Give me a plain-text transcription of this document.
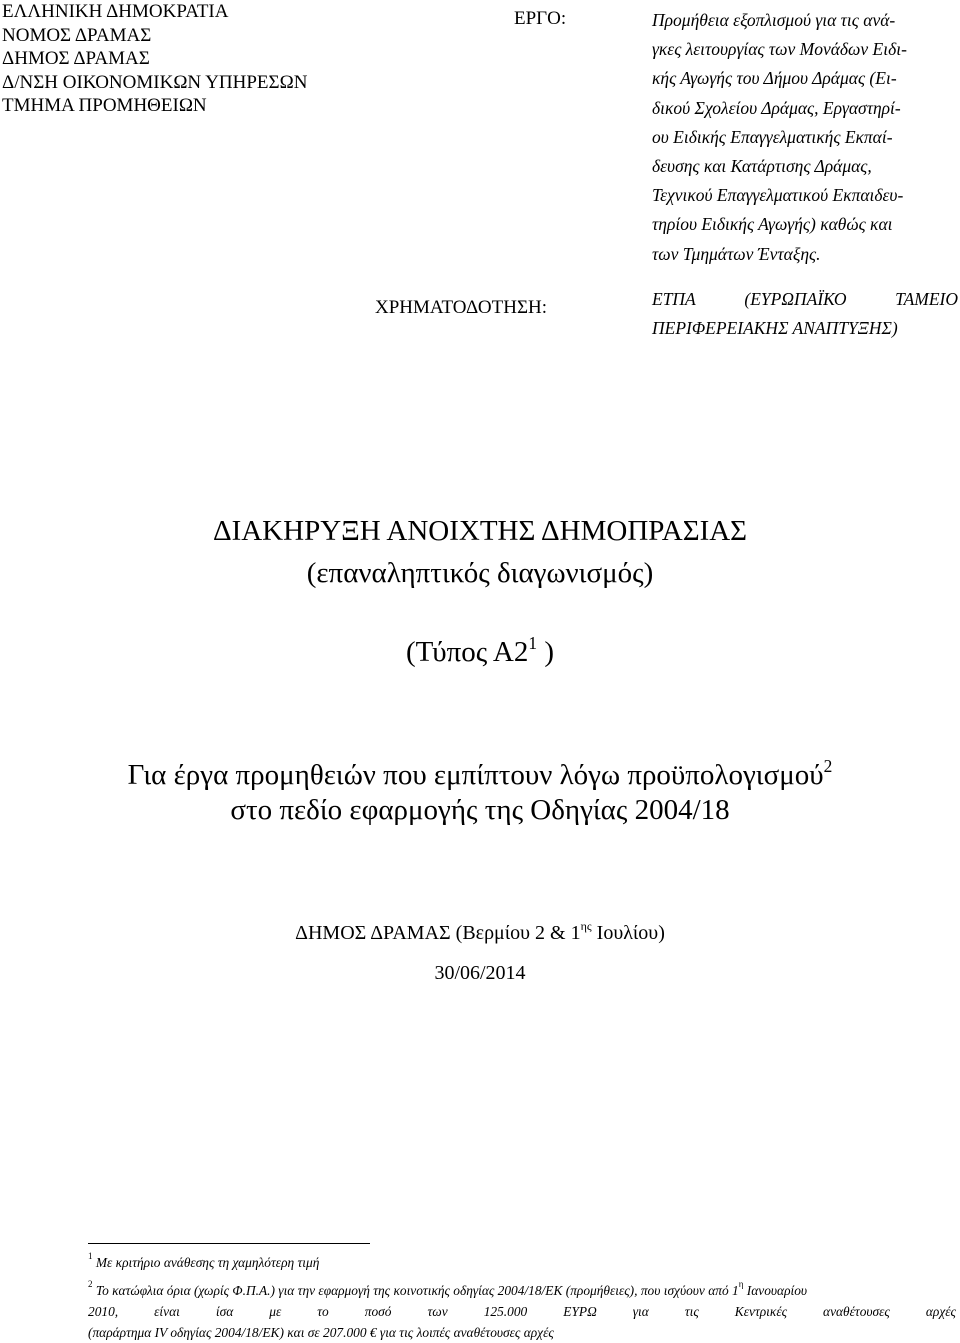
ΕΛΛΗΝΙΚΗ ΔΗΜΟΚΡΑΤΙΑ
ΝΟΜΟΣ ΔΡΑΜΑΣ
ΔΗΜΟΣ ΔΡΑΜΑΣ
Δ/ΝΣΗ ΟΙΚΟΝΟΜΙΚΩΝ ΥΠΗΡΕΣΩΝ
ΤΜΗΜΑ ΠΡΟΜΗΘΕΙΩΝ
ΕΡΓΟ:	Προμήθεια εξοπλισμού για τις ανά-
γκες λειτουργίας των Μονάδων Ειδι-
κής Αγωγής του Δήμου Δράμας (Ει-
δικού Σχολείου Δράμας, Εργαστηρί-
ου Ειδικής Επαγγελματικής Εκπαί-
δευσης και Κατάρτισης Δράμας,
Τεχνικού Επαγγελματικού Εκπαιδευ-
τηρίου Ειδικής Αγωγής) καθώς και
των Τμημάτων Ένταξης.
ΧΡΗΜΑΤΟΔΟΤΗΣΗ:	ΕΤΠΑ	(ΕΥΡΩΠΑΪΚΟ	ΤΑΜΕΙΟ
ΠΕΡΙΦΕΡΕΙΑΚΗΣ ΑΝΑΠΤΥΞΗΣ)
ΔΙΑΚΗΡΥΞΗ ΑΝΟΙΧΤΗΣ ΔΗΜΟΠΡΑΣΙΑΣ
(επαναληπτικός διαγωνισμός)
(Τύπος $A2^1$ )
Για έργα προμηθειών που εμπίπτουν λόγω προϋπολογισμού$^2$
στο πεδίο εφαρμογής της Οδηγίας 2004/18
ΔΗΜΟΣ ΔΡΑΜΑΣ (Βερμίου 2 & $1^{\eta\varsigma}$ Ιουλίου)
30/06/2014
$^1$ Με κριτήριο ανάθεσης τη χαμηλότερη τιμή
$^2$ Το κατώφλια όρια (χωρίς Φ.Π.Α.) για την εφαρμογή της κοινοτικής οδηγίας 2004/18/ΕΚ (προμήθειες), που ισχύουν από $1^\eta$ Ιανουαρίου
2010,	είναι	ίσα	με	το	ποσό	των	125.000	ΕΥΡΩ	για	τις	Κεντρικές	αναθέτουσες	αρχές
(παράρτημα IV οδηγίας 2004/18/ΕΚ) και σε 207.000 € για τις λοιπές αναθέτουσες αρχές
